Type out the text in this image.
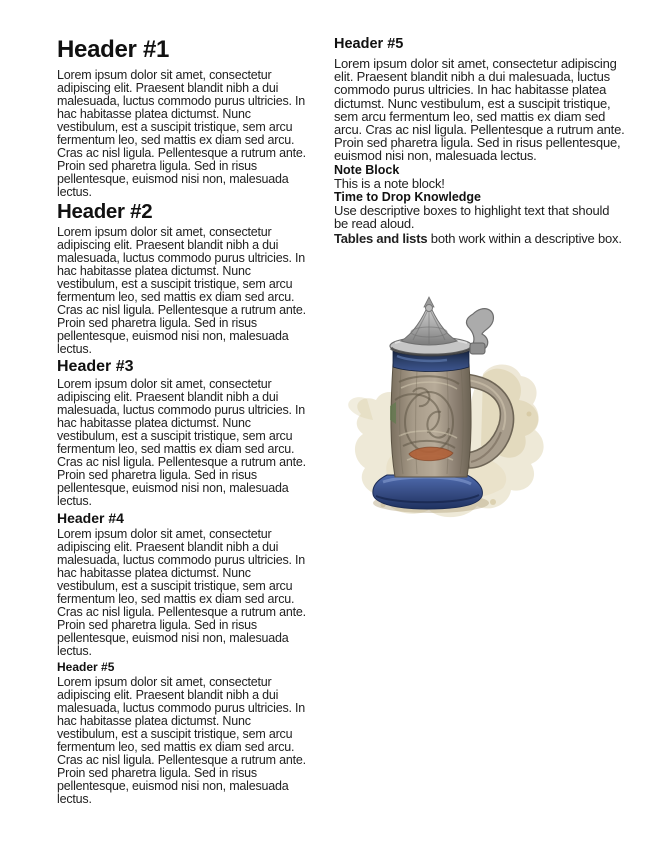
Header #1

Lorem ipsum dolor sit amet, consectetur adipiscing elit. Praesent blandit nibh a dui malesuada, luctus commodo purus ultricies. In hac habitasse platea dictumst. Nunc vestibulum, est a suscipit tristique, sem arcu fermentum leo, sed mattis ex diam sed arcu. Cras ac nisl ligula. Pellentesque a rutrum ante. Proin sed pharetra ligula. Sed in risus pellentesque, euismod nisi non, malesuada lectus.

Header #2

Lorem ipsum dolor sit amet, consectetur adipiscing elit. Praesent blandit nibh a dui malesuada, luctus commodo purus ultricies. In hac habitasse platea dictumst. Nunc vestibulum, est a suscipit tristique, sem arcu fermentum leo, sed mattis ex diam sed arcu. Cras ac nisl ligula. Pellentesque a rutrum ante. Proin sed pharetra ligula. Sed in risus pellentesque, euismod nisi non, malesuada lectus.

Header #3

Lorem ipsum dolor sit amet, consectetur adipiscing elit. Praesent blandit nibh a dui malesuada, luctus commodo purus ultricies. In hac habitasse platea dictumst. Nunc vestibulum, est a suscipit tristique, sem arcu fermentum leo, sed mattis ex diam sed arcu. Cras ac nisl ligula. Pellentesque a rutrum ante. Proin sed pharetra ligula. Sed in risus pellentesque, euismod nisi non, malesuada lectus.

Header #4

Lorem ipsum dolor sit amet, consectetur adipiscing elit. Praesent blandit nibh a dui malesuada, luctus commodo purus ultricies. In hac habitasse platea dictumst. Nunc vestibulum, est a suscipit tristique, sem arcu fermentum leo, sed mattis ex diam sed arcu. Cras ac nisl ligula. Pellentesque a rutrum ante. Proin sed pharetra ligula. Sed in risus pellentesque, euismod nisi non, malesuada lectus.

Header #5

Lorem ipsum dolor sit amet, consectetur adipiscing elit. Praesent blandit nibh a dui malesuada, luctus commodo purus ultricies. In hac habitasse platea dictumst. Nunc vestibulum, est a suscipit tristique, sem arcu fermentum leo, sed mattis ex diam sed arcu. Cras ac nisl ligula. Pellentesque a rutrum ante. Proin sed pharetra ligula. Sed in risus pellentesque, euismod nisi non, malesuada lectus.

Header #5

Lorem ipsum dolor sit amet, consectetur adipiscing elit. Praesent blandit nibh a dui malesuada, luctus commodo purus ultricies. In hac habitasse platea dictumst. Nunc vestibulum, est a suscipit tristique, sem arcu fermentum leo, sed mattis ex diam sed arcu. Cras ac nisl ligula. Pellentesque a rutrum ante. Proin sed pharetra ligula. Sed in risus pellentesque, euismod nisi non, malesuada lectus.

Note Block

This is a note block!

Time to Drop Knowledge

Use descriptive boxes to highlight text that should be read aloud.

Tables and lists both work within a descriptive box.
